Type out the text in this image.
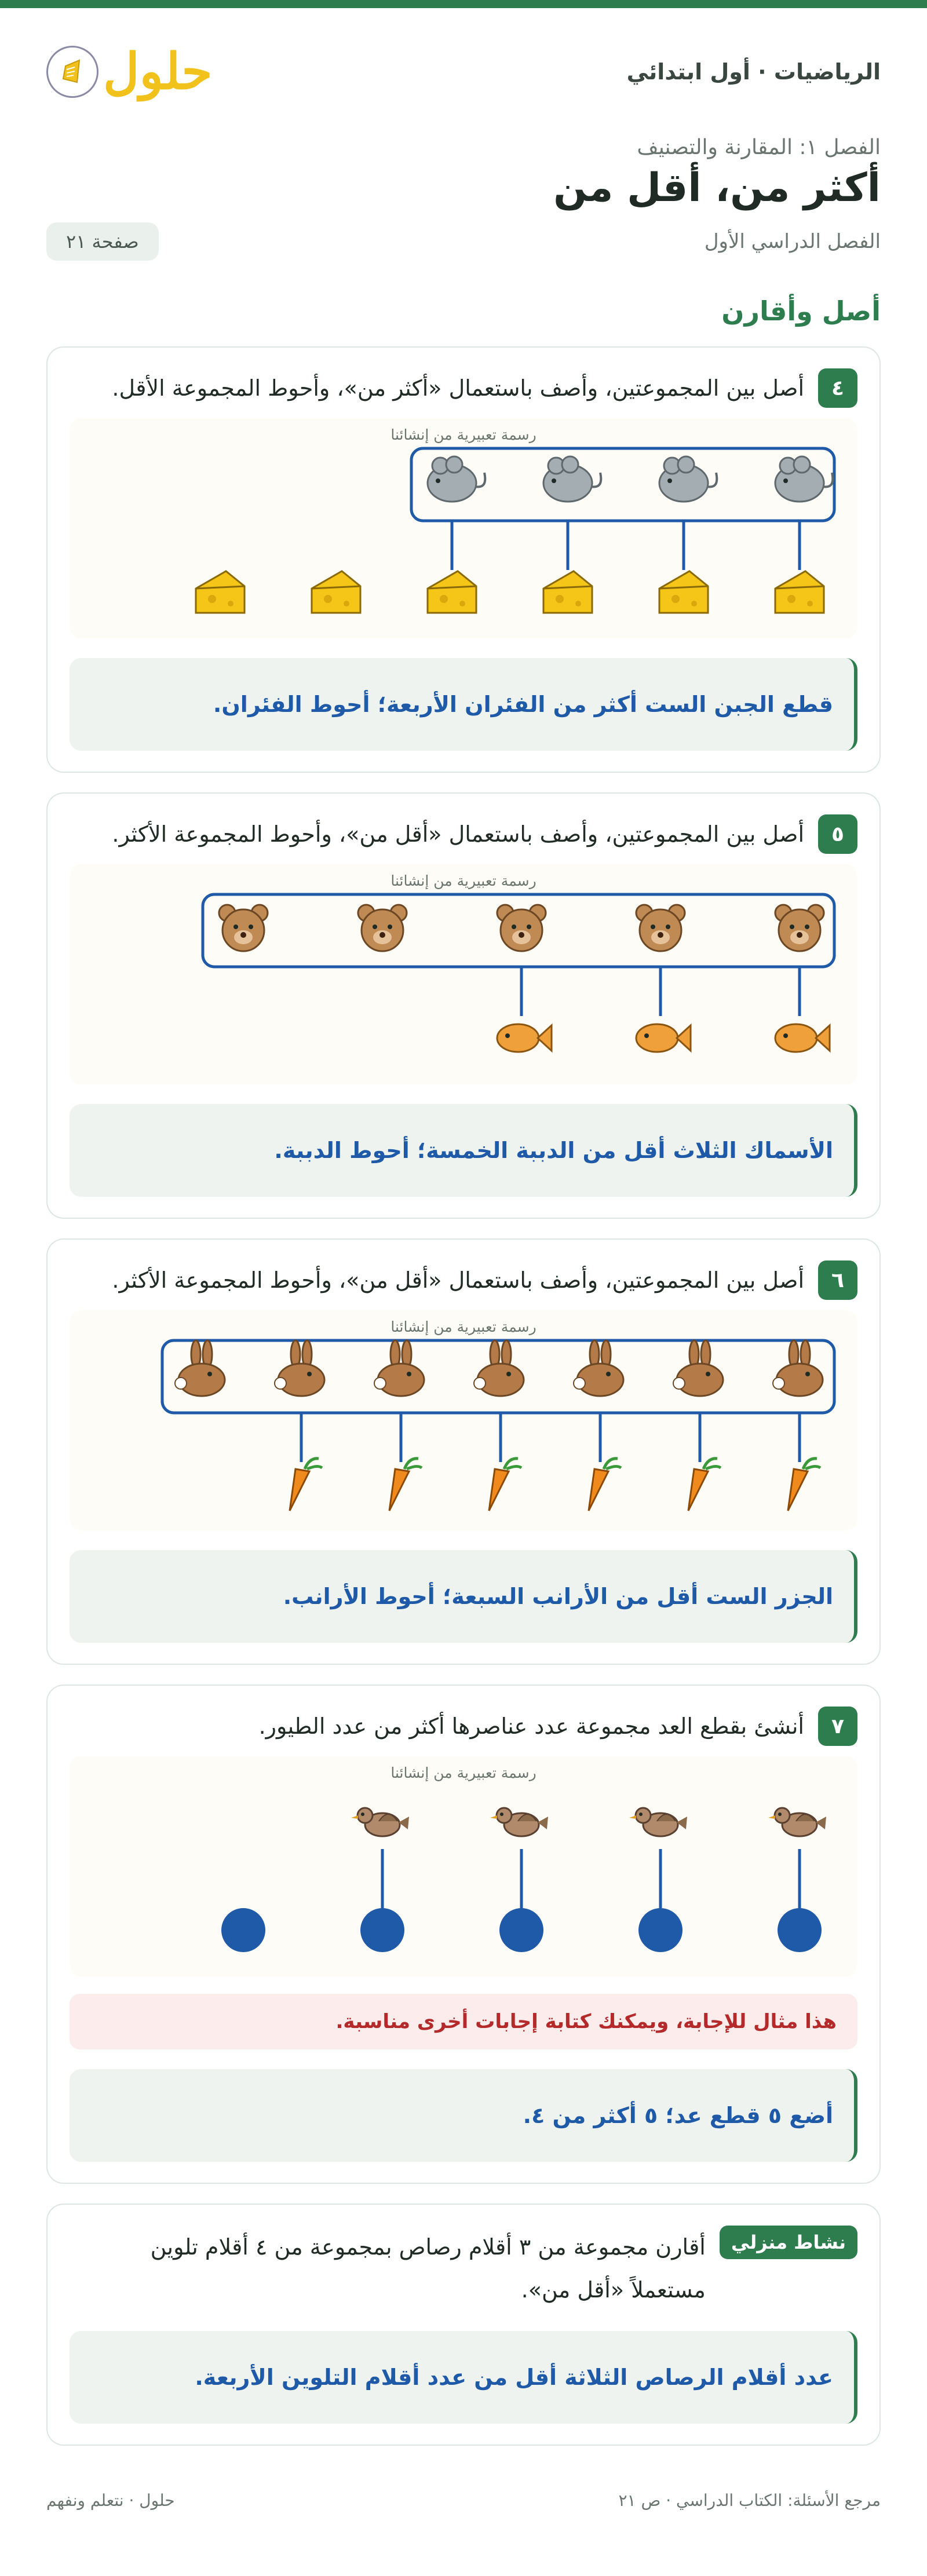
الرياضيات · أول ابتدائي
حلول
الفصل ١: المقارنة والتصنيف
أكثر من، أقل من
الفصل الدراسي الأول
صفحة ٢١
أصل وأقارن
٤
أصل بين المجموعتين، وأصف باستعمال «أكثر من»، وأحوط المجموعة الأقل.
رسمة تعبيرية من إنشائنا
قطع الجبن الست أكثر من الفئران الأربعة؛ أحوط الفئران.
٥
أصل بين المجموعتين، وأصف باستعمال «أقل من»، وأحوط المجموعة الأكثر.
رسمة تعبيرية من إنشائنا
الأسماك الثلاث أقل من الدببة الخمسة؛ أحوط الدببة.
٦
أصل بين المجموعتين، وأصف باستعمال «أقل من»، وأحوط المجموعة الأكثر.
رسمة تعبيرية من إنشائنا
الجزر الست أقل من الأرانب السبعة؛ أحوط الأرانب.
٧
أنشئ بقطع العد مجموعة عدد عناصرها أكثر من عدد الطيور.
رسمة تعبيرية من إنشائنا
هذا مثال للإجابة، ويمكنك كتابة إجابات أخرى مناسبة.
أضع ٥ قطع عد؛ ٥ أكثر من ٤.
نشاط منزلي
أقارن مجموعة من ٣ أقلام رصاص بمجموعة من ٤ أقلام تلوين مستعملاً «أقل من».
عدد أقلام الرصاص الثلاثة أقل من عدد أقلام التلوين الأربعة.
مرجع الأسئلة: الكتاب الدراسي · ص ٢١
حلول · نتعلم ونفهم
